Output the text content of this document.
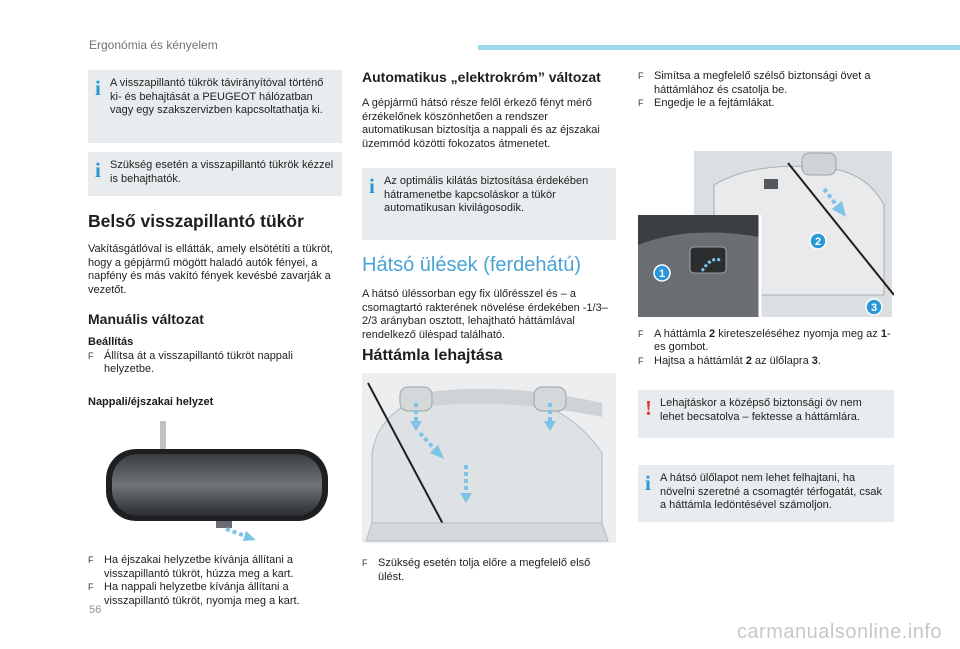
Ergonómia és kényelem
i A visszapillantó tükrök távirányítóval történő ki- és behajtását a PEUGEOT hálózatban vagy egy szakszervizben kapcsoltathatja ki.
i Szükség esetén a visszapillantó tükrök kézzel is behajthatók.
Belső visszapillantó tükör

Vakításgátlóval is ellátták, amely elsötétíti a tükröt, hogy a gépjármű mögött haladó autók fényei, a napfény és más vakító fények kevésbé zavarják a vezetőt.

Manuális változat
Beállítás
F Állítsa át a visszapillantó tükröt nappali helyzetbe.
Nappali/éjszakai helyzet
F Ha éjszakai helyzetbe kívánja állítani a visszapillantó tükröt, húzza meg a kart.
F Ha nappali helyzetbe kívánja állítani a visszapillantó tükröt, nyomja meg a kart.
Automatikus „elektrokróm” változat

A gépjármű hátsó része felől érkező fényt mérő érzékelőnek köszönhetően a rendszer automatikusan biztosítja a nappali és az éjszakai üzemmód közötti fokozatos átmenetet.

i Az optimális kilátás biztosítása érdekében hátramenetbe kapcsoláskor a tükör automatikusan kivilágosodik.
Hátsó ülések (ferdehátú)

A hátsó üléssorban egy fix ülőrésszel és – a csomagtartó rakterének növelése érdekében -1/3–2/3 arányban osztott, lehajtható háttámlával rendelkező ülėspad található.

Háttámla lehajtása
F Szükség esetén tolja előre a megfelelő első ülést.
F Simítsa a megfelelő szélső biztonsági övet a háttámlához és csatolja be.
F Engedje le a fejtámlákat.
1
2
3
F A háttámla 2 kireteszeléséhez nyomja meg az 1-es gombot.
F Hajtsa a háttámlát 2 az ülőlapra 3.
! Lehajtáskor a középső biztonsági öv nem lehet becsatolva – fektesse a háttámlára.
i A hátsó ülőlapot nem lehet felhajtani, ha növelni szeretné a csomagtér térfogatát, csak a háttámla ledöntésével számoljon.
56
carmanualsonline.info
